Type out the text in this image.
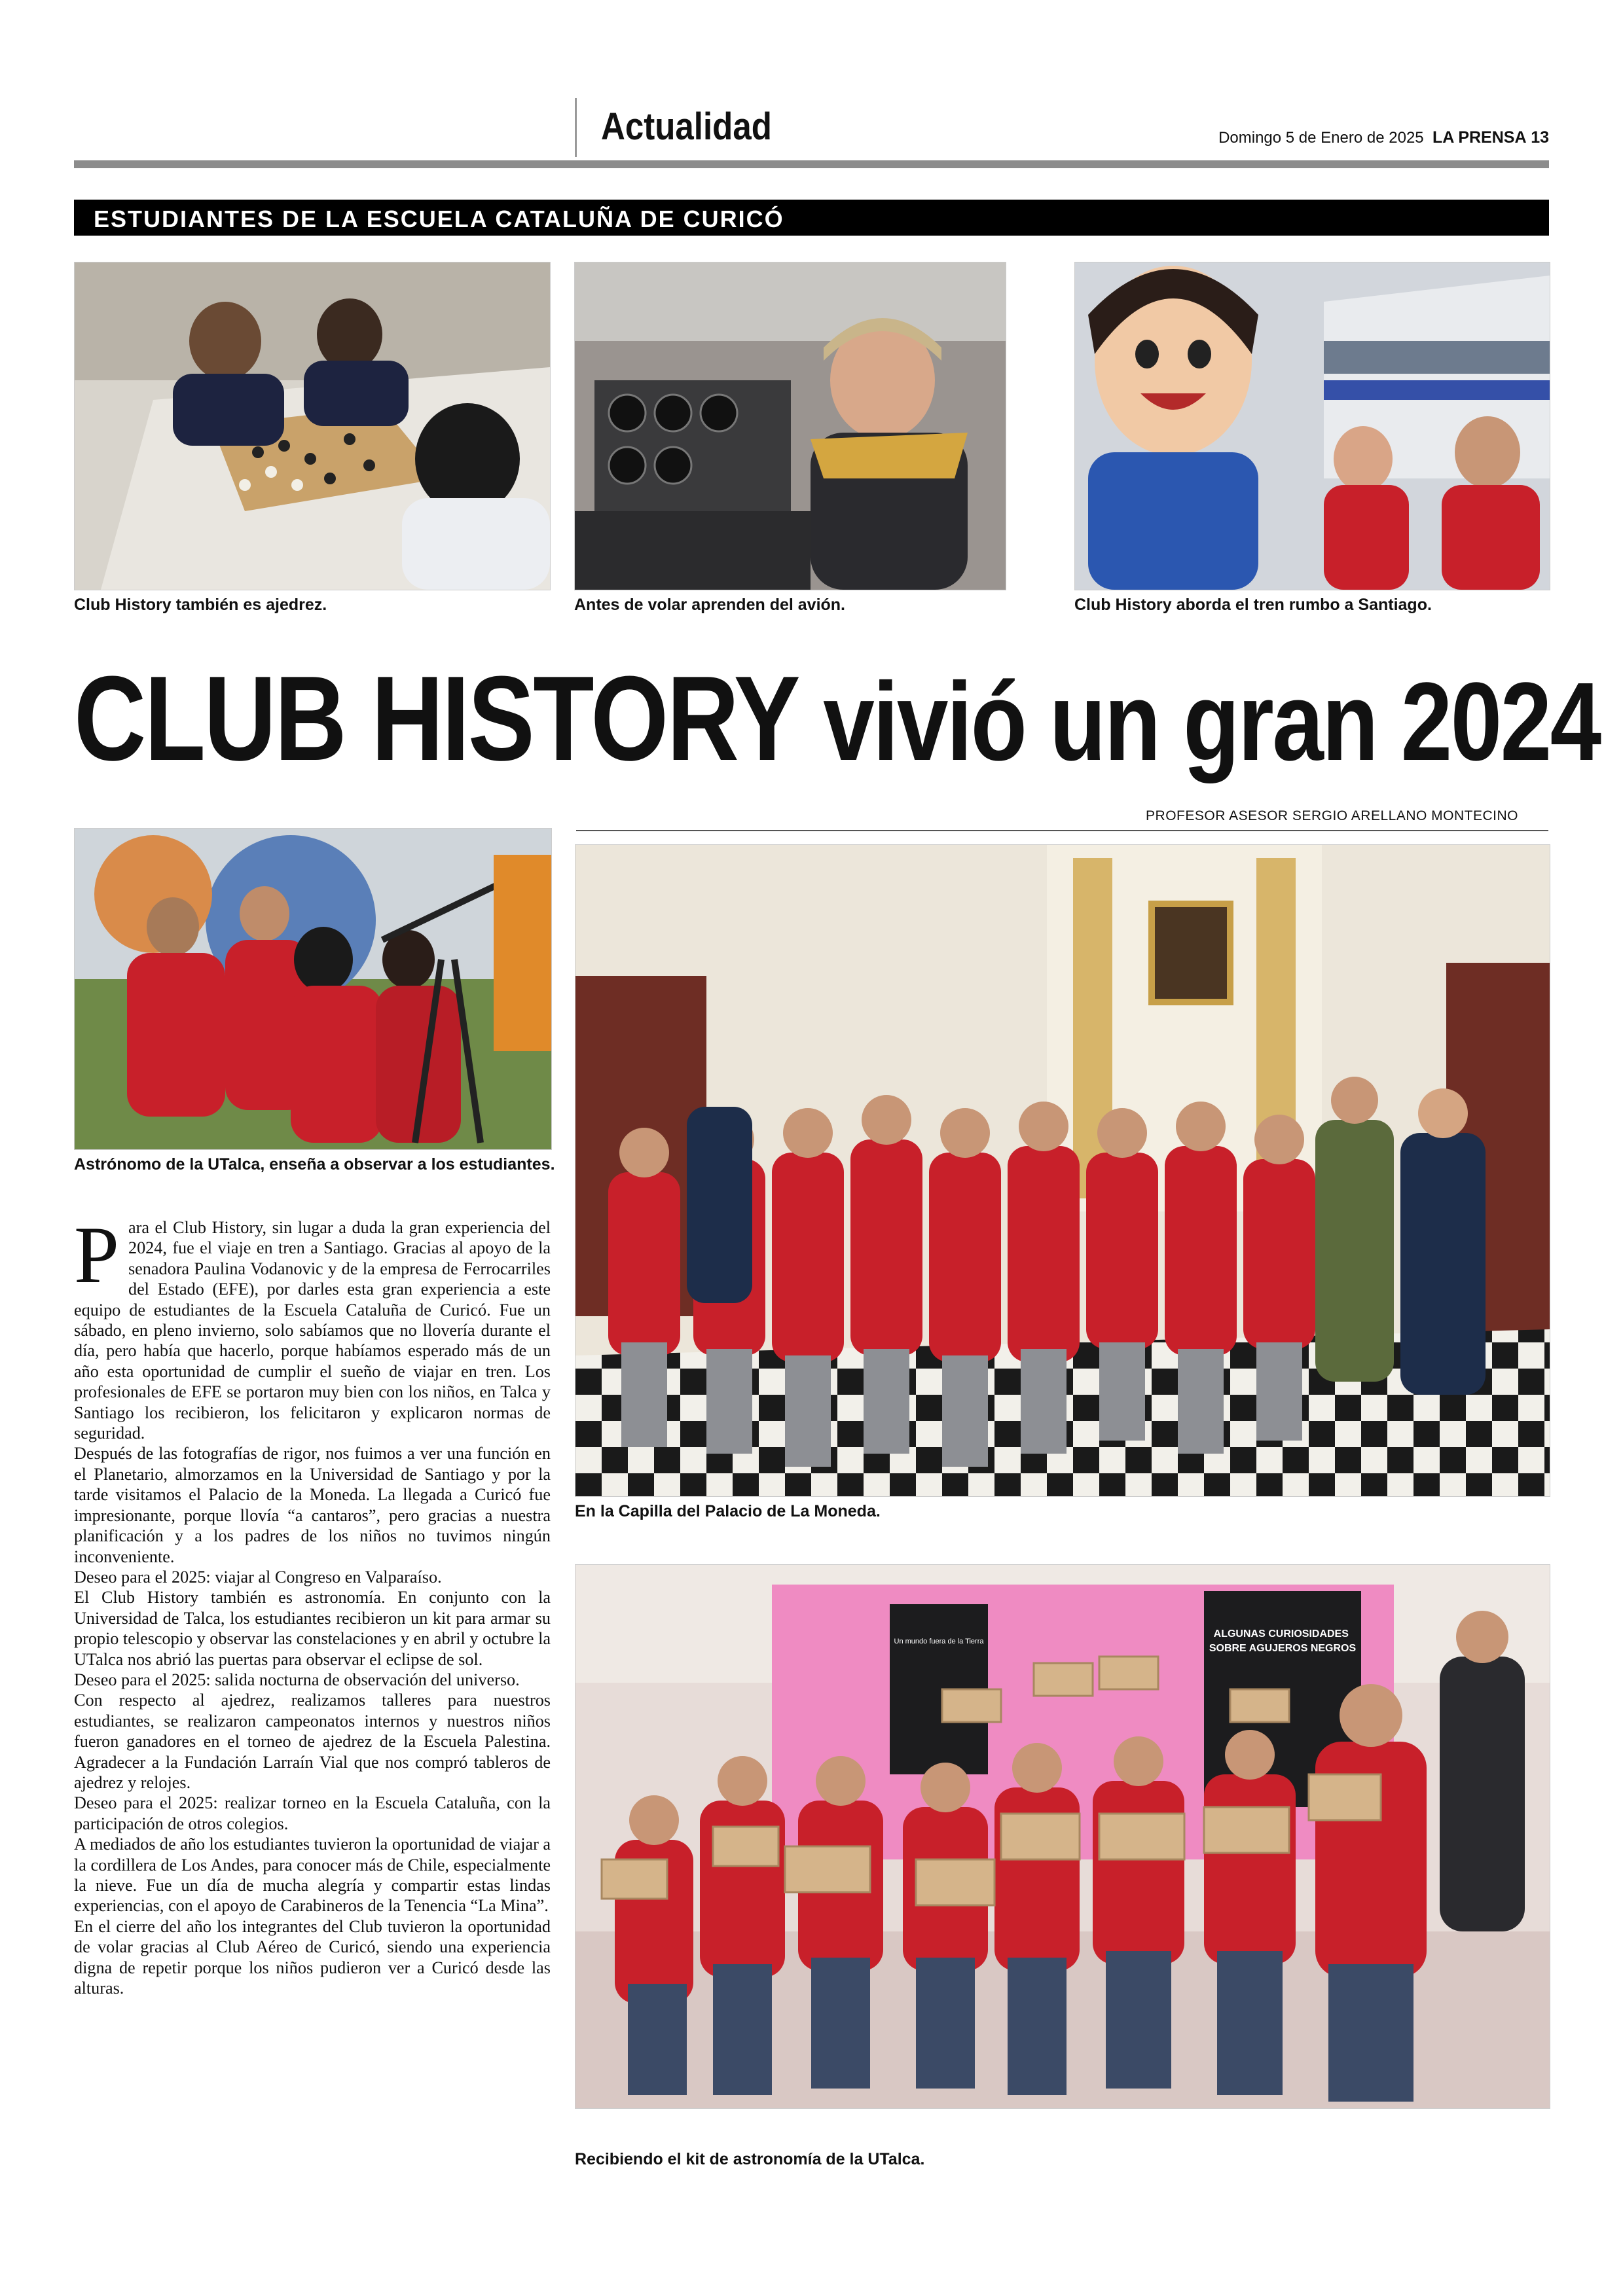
Actualidad	Domingo 5 de Enero de 2025 LA PRENSA 13
ESTUDIANTES DE LA ESCUELA CATALUÑA DE CURICÓ
Club History también es ajedrez.	Antes de volar aprenden del avión.	Club History aborda el tren rumbo a Santiago.
CLUB HISTORY vivió un gran 2024
PROFESOR ASESOR SERGIO ARELLANO MONTECINO
Astrónomo de la UTalca, enseña a observar a los estudiantes.
En la Capilla del Palacio de La Moneda.
ALGUNAS CURIOSIDADES SOBRE AGUJEROS NEGROS
Un mundo fuera de la Tierra
Recibiendo el kit de astronomía de la UTalca.

Para el Club History, sin lugar a duda la gran experiencia del 2024, fue el viaje en tren a Santiago. Gracias al apoyo de la senadora Paulina Vodanovic y de la empresa de Ferrocarriles del Estado (EFE), por darles esta gran experiencia a este equipo de estudiantes de la Escuela Cataluña de Curicó. Fue un sábado, en pleno invierno, solo sabíamos que no llovería durante el día, pero había que hacerlo, porque habíamos esperado más de un año esta oportunidad de cumplir el sueño de viajar en tren. Los profesionales de EFE se portaron muy bien con los niños, en Talca y Santiago los recibieron, los felicitaron y explicaron normas de seguridad.

Después de las fotografías de rigor, nos fuimos a ver una función en el Planetario, almorzamos en la Universidad de Santiago y por la tarde visitamos el Palacio de la Moneda. La llegada a Curicó fue impresionante, porque llovía “a cantaros”, pero gracias a nuestra planificación y a los padres de los niños no tuvimos ningún inconveniente.

Deseo para el 2025: viajar al Congreso en Valparaíso.

El Club History también es astronomía. En conjunto con la Universidad de Talca, los estudiantes recibieron un kit para armar su propio telescopio y observar las constelaciones y en abril y octubre la UTalca nos abrió las puertas para observar el eclipse de sol.

Deseo para el 2025: salida nocturna de observación del universo.

Con respecto al ajedrez, realizamos talleres para nuestros estudiantes, se realizaron campeonatos internos y nuestros niños fueron ganadores en el torneo de ajedrez de la Escuela Palestina. Agradecer a la Fundación Larraín Vial que nos compró tableros de ajedrez y relojes.

Deseo para el 2025: realizar torneo en la Escuela Cataluña, con la participación de otros colegios.

A mediados de año los estudiantes tuvieron la oportunidad de viajar a la cordillera de Los Andes, para conocer más de Chile, especialmente la nieve. Fue un día de mucha alegría y compartir estas lindas experiencias, con el apoyo de Carabineros de la Tenencia “La Mina”.

En el cierre del año los integrantes del Club tuvieron la oportunidad de volar gracias al Club Aéreo de Curicó, siendo una experiencia digna de repetir porque los niños pudieron ver a Curicó desde las alturas.
